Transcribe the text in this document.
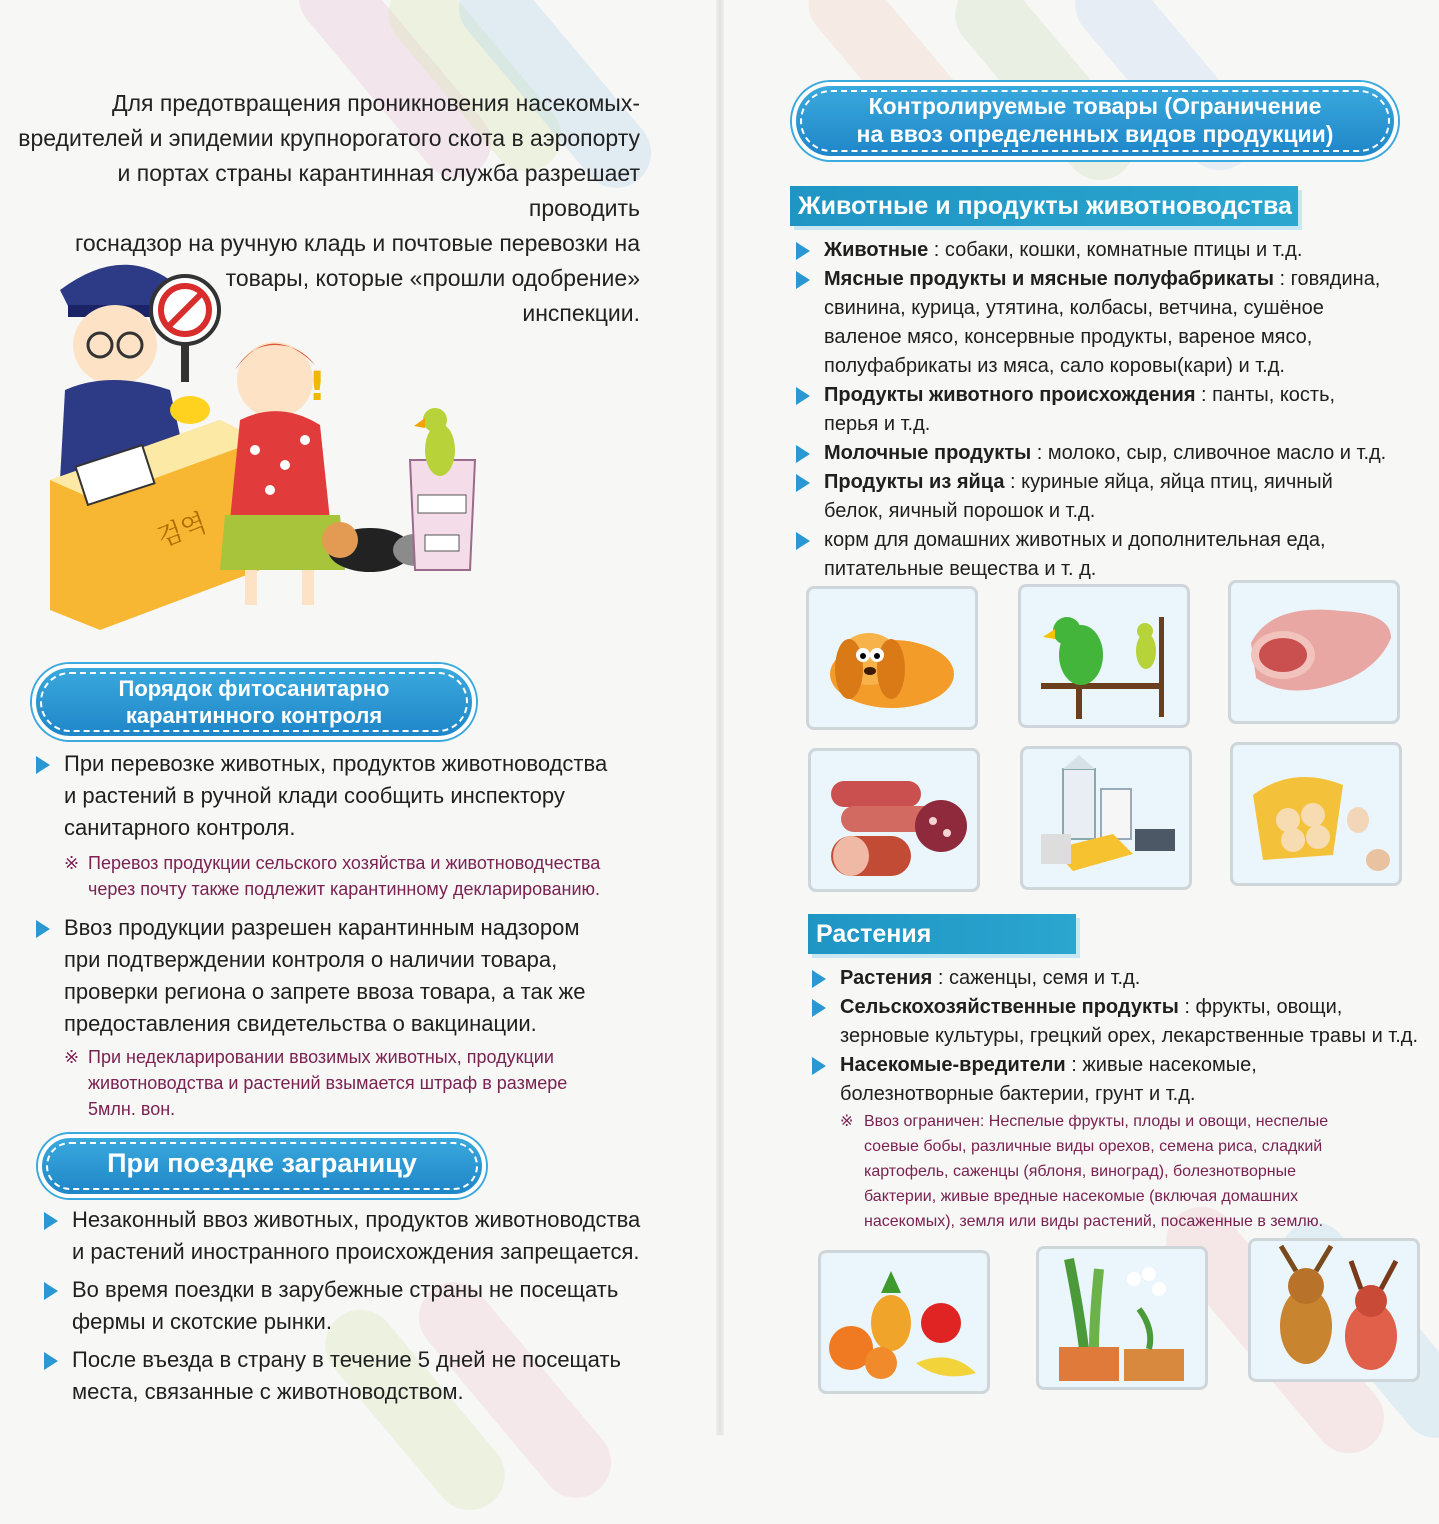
Для предотвращения проникновения насекомых-
вредителей и эпидемии крупнорогатого скота в аэропорту
и портах страны карантинная служба разрешает проводить
госнадзор на ручную кладь и почтовые перевозки на
товары, которые «прошли одобрение»
инспекции.
검역
!
Порядок фитосанитарно
карантинного контроля
При перевозке животных, продуктов животноводства
и растений в ручной клади сообщить инспектору
санитарного контроля.
※ Перевоз продукции сельского хозяйства и животноводчества
через почту также подлежит карантинному декларированию.
Ввоз продукции разрешен карантинным надзором
при подтверждении контроля о наличии товара,
проверки региона о запрете ввоза товара, а так же
предоставления свидетельства о вакцинации.
※ При недекларировании ввозимых животных, продукции
животноводства и растений взымается штраф в размере
5млн. вон.
При поездке заграницу
Незаконный ввоз животных, продуктов животноводства
и растений иностранного происхождения запрещается.
Во время поездки в зарубежные страны не посещать
фермы и скотские рынки.
После въезда в страну в течение 5 дней не посещать
места, связанные с животноводством.
Контролируемые товары (Ограничение
на ввоз определенных видов продукции)
Животные и продукты животноводства
Животные : собаки, кошки, комнатные птицы и т.д.
Мясные продукты и мясные полуфабрикаты : говядина,
свинина, курица, утятина, колбасы, ветчина, сушёное
валеное мясо, консервные продукты, вареное мясо,
полуфабрикаты из мяса, сало коровы(кари) и т.д.
Продукты животного происхождения : панты, кость,
перья и т.д.
Молочные продукты : молоко, сыр, сливочное масло и т.д.
Продукты из яйца : куриные яйца, яйца птиц, яичный
белок, яичный порошок и т.д.
корм для домашних животных и дополнительная еда,
питательные вещества и т. д.
Растения
Растения : саженцы, семя и т.д.
Сельскохозяйственные продукты : фрукты, овощи,
зерновые культуры, грецкий орех, лекарственные травы и т.д.
Насекомые-вредители : живые насекомые,
болезнотворные бактерии, грунт и т.д.
※ Ввоз ограничен: Неспелые фрукты, плоды и овощи, неспелые
соевые бобы, различные виды орехов, семена риса, сладкий
картофель, саженцы (яблоня, виноград), болезнотворные
бактерии, живые вредные насекомые (включая домашних
насекомых), земля или виды растений, посаженные в землю.
